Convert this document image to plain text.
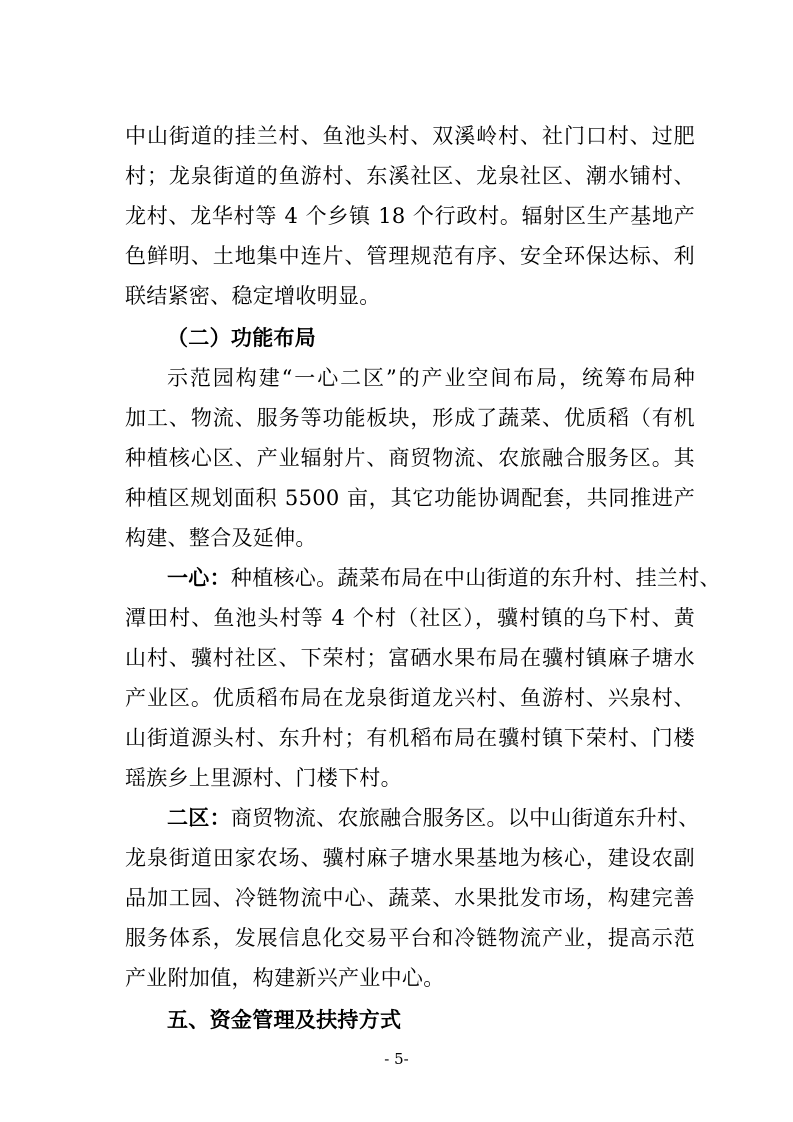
中山街道的挂兰村、鱼池头村、双溪岭村、社门口村、过肥
村；龙泉街道的鱼游村、东溪社区、龙泉社区、潮水铺村、
龙村、龙华村等 4 个乡镇 18 个行政村。辐射区生产基地产
色鲜明、土地集中连片、管理规范有序、安全环保达标、利
联结紧密、稳定增收明显。
（二）功能布局
示范园构建“一心二区”的产业空间布局，统筹布局种
加工、物流、服务等功能板块，形成了蔬菜、优质稻（有机
种植核心区、产业辐射片、商贸物流、农旅融合服务区。其
种植区规划面积 5500 亩，其它功能协调配套，共同推进产
构建、整合及延伸。
一心：种植核心。蔬菜布局在中山街道的东升村、挂兰村、
潭田村、鱼池头村等 4 个村（社区），骥村镇的乌下村、黄
山村、骥村社区、下荣村；富硒水果布局在骥村镇麻子塘水
产业区。优质稻布局在龙泉街道龙兴村、鱼游村、兴泉村、
山街道源头村、东升村；有机稻布局在骥村镇下荣村、门楼
瑶族乡上里源村、门楼下村。
二区：商贸物流、农旅融合服务区。以中山街道东升村、
龙泉街道田家农场、骥村麻子塘水果基地为核心，建设农副
品加工园、冷链物流中心、蔬菜、水果批发市场，构建完善
服务体系，发展信息化交易平台和冷链物流产业，提高示范
产业附加值，构建新兴产业中心。
五、资金管理及扶持方式
- 5-
